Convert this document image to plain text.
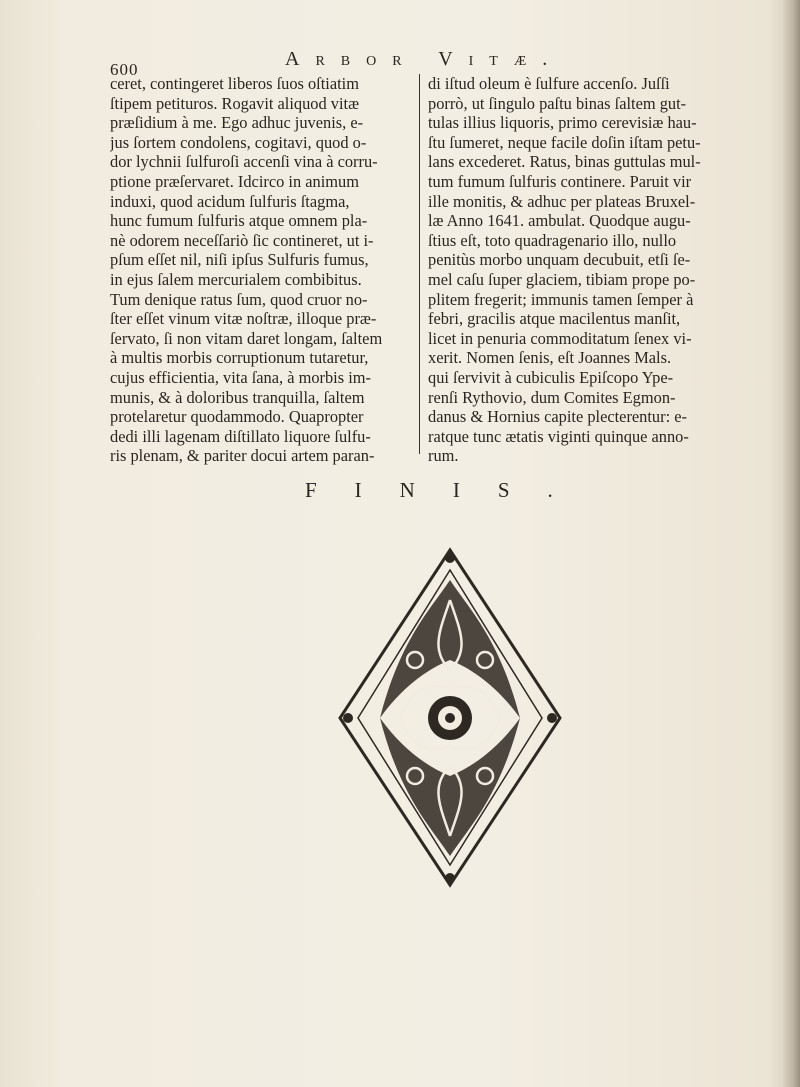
600	Arbor Vitæ.
ceret, contingeret liberos ſuos oſtiatim
ſtipem petituros. Rogavit aliquod vitæ
præſidium à me. Ego adhuc juvenis, e-
jus ſortem condolens, cogitavi, quod o-
dor lychnii ſulfuroſi accenſi vina à corru-
ptione præſervaret. Idcirco in animum
induxi, quod acidum ſulfuris ſtagma,
hunc fumum ſulfuris atque omnem pla-
nè odorem neceſſariò ſic contineret, ut i-
pſum eſſet nil, niſi ipſus Sulfuris fumus,
in ejus ſalem mercurialem combibitus.
Tum denique ratus ſum, quod cruor no-
ſter eſſet vinum vitæ noſtræ, illoque præ-
ſervato, ſi non vitam daret longam, ſaltem
à multis morbis corruptionum tutaretur,
cujus efficientia, vita ſana, à morbis im-
munis, & à doloribus tranquilla, ſaltem
protelaretur quodammodo. Quapropter
dedi illi lagenam diſtillato liquore ſulfu-
ris plenam, & pariter docui artem paran-
di iſtud oleum è ſulfure accenſo. Juſſi
porrò, ut ſingulo paſtu binas ſaltem gut-
tulas illius liquoris, primo cerevisiæ hau-
ſtu ſumeret, neque facile doſin iſtam petu-
lans excederet. Ratus, binas guttulas mul-
tum fumum ſulfuris continere. Paruit vir
ille monitis, & adhuc per plateas Bruxel-
læ Anno 1641. ambulat. Quodque augu-
ſtius eſt, toto quadragenario illo, nullo
penitùs morbo unquam decubuit, etſi ſe-
mel caſu ſuper glaciem, tibiam prope po-
plitem fregerit; immunis tamen ſemper à
febri, gracilis atque macilentus manſit,
licet in penuria commoditatum ſenex vi-
xerit. Nomen ſenis, eſt Joannes Mals.
qui ſervivit à cubiculis Epiſcopo Ype-
renſi Rythovio, dum Comites Egmon-
danus & Hornius capite plecterentur: e-
ratque tunc ætatis viginti quinque anno-
rum.
FINIS.
